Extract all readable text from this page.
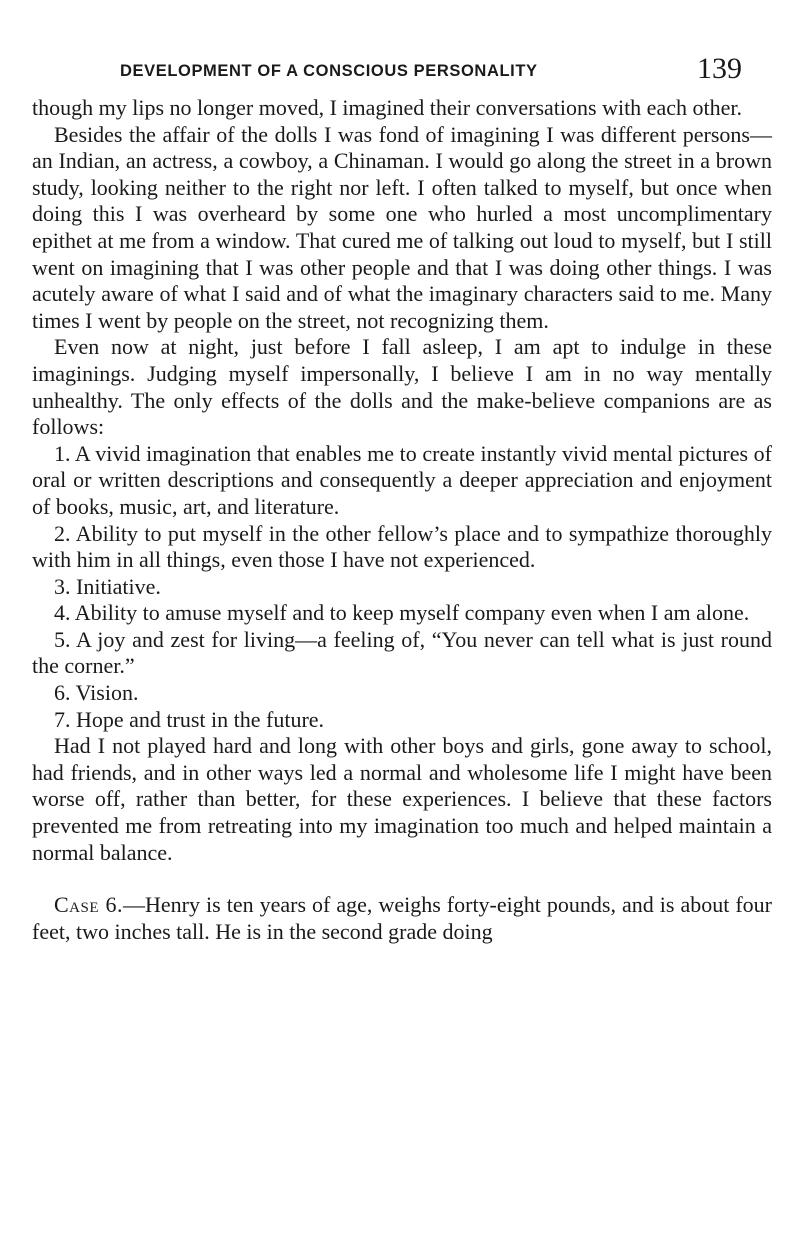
DEVELOPMENT OF A CONSCIOUS PERSONALITY	139

though my lips no longer moved, I imagined their conversations with each other.

Besides the affair of the dolls I was fond of imagining I was different persons—an Indian, an actress, a cowboy, a Chinaman. I would go along the street in a brown study, looking neither to the right nor left. I often talked to myself, but once when doing this I was overheard by some one who hurled a most uncomplimentary epithet at me from a window. That cured me of talking out loud to myself, but I still went on imagining that I was other people and that I was doing other things. I was acutely aware of what I said and of what the imaginary characters said to me. Many times I went by people on the street, not recognizing them.

Even now at night, just before I fall asleep, I am apt to indulge in these imaginings. Judging myself impersonally, I believe I am in no way mentally unhealthy. The only effects of the dolls and the make-believe companions are as follows:

1. A vivid imagination that enables me to create instantly vivid mental pictures of oral or written descriptions and consequently a deeper appreciation and enjoyment of books, music, art, and literature.

2. Ability to put myself in the other fellow’s place and to sympathize thoroughly with him in all things, even those I have not experienced.

3. Initiative.

4. Ability to amuse myself and to keep myself company even when I am alone.

5. A joy and zest for living—a feeling of, “You never can tell what is just round the corner.”

6. Vision.

7. Hope and trust in the future.

Had I not played hard and long with other boys and girls, gone away to school, had friends, and in other ways led a normal and wholesome life I might have been worse off, rather than better, for these experiences. I believe that these factors prevented me from retreating into my imagination too much and helped maintain a normal balance.

Case 6.—Henry is ten years of age, weighs forty-eight pounds, and is about four feet, two inches tall. He is in the second grade doing
